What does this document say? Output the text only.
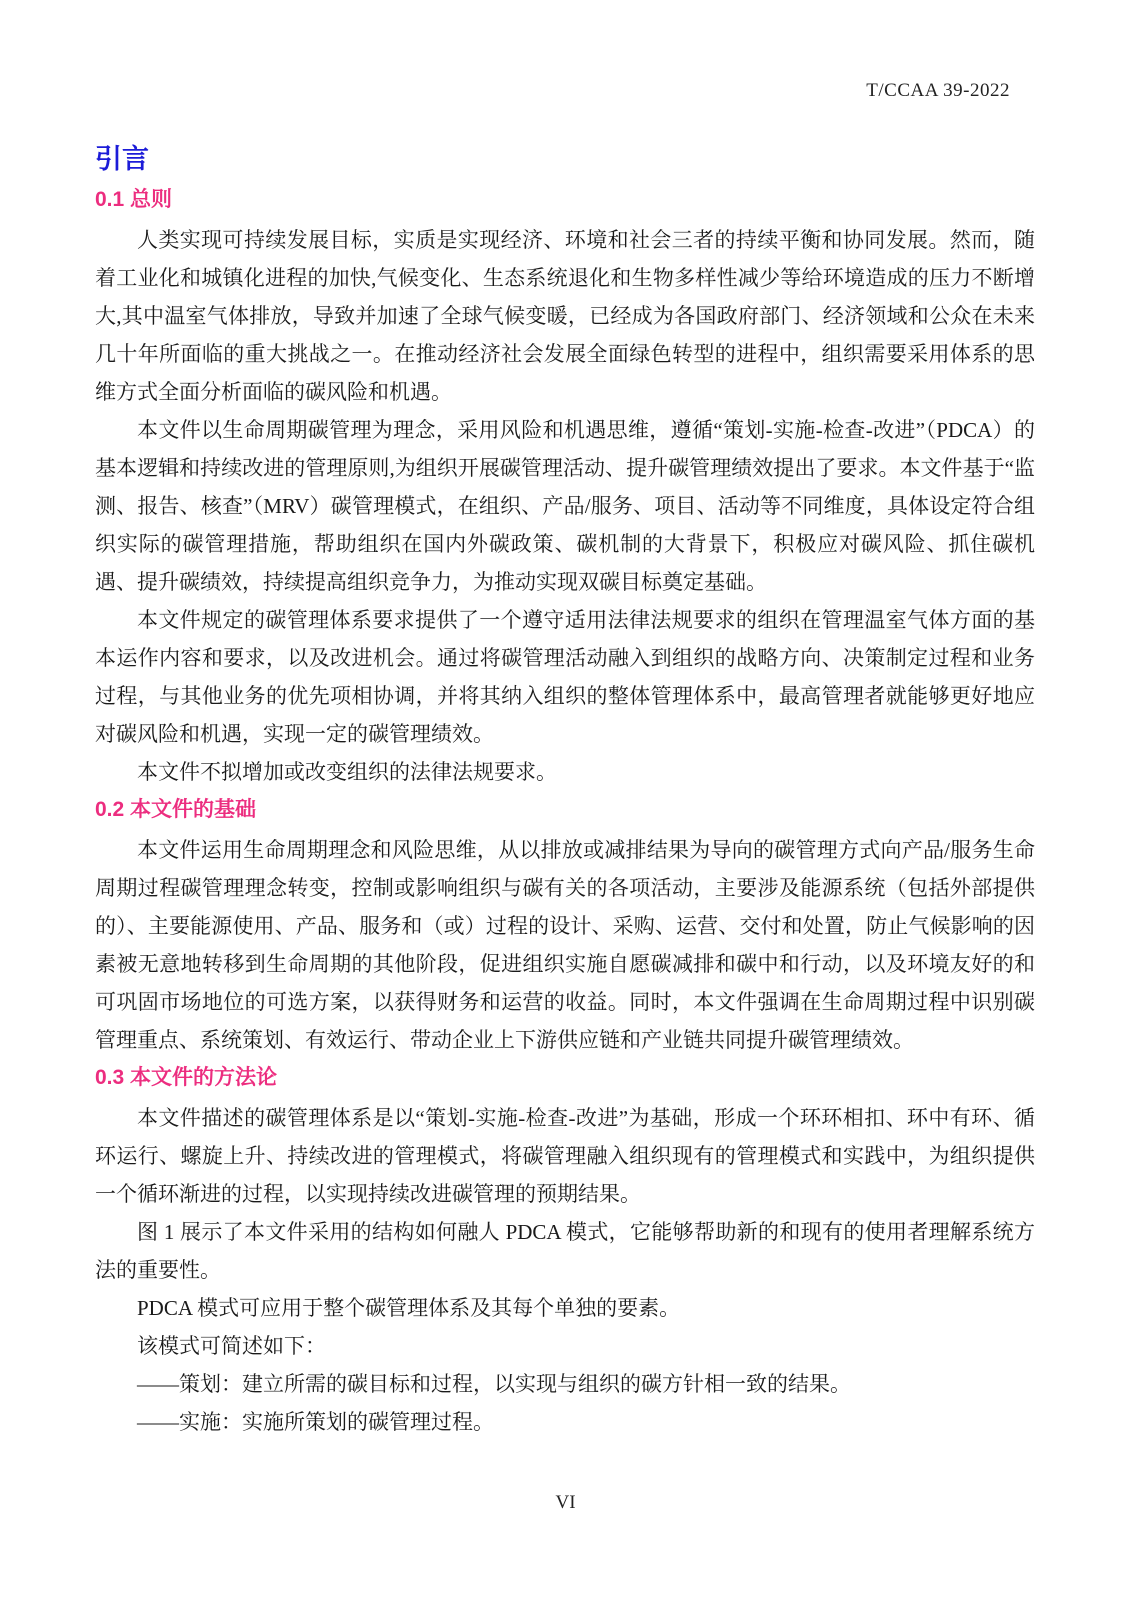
T/CCAA 39-2022
引言
0.1 总则

人类实现可持续发展目标，实质是实现经济、环境和社会三者的持续平衡和协同发展。然而，随着工业化和城镇化进程的加快,气候变化、生态系统退化和生物多样性减少等给环境造成的压力不断增大,其中温室气体排放，导致并加速了全球气候变暖，已经成为各国政府部门、经济领域和公众在未来几十年所面临的重大挑战之一。在推动经济社会发展全面绿色转型的进程中，组织需要采用体系的思维方式全面分析面临的碳风险和机遇。

本文件以生命周期碳管理为理念，采用风险和机遇思维，遵循“策划-实施-检查-改进”（PDCA）的基本逻辑和持续改进的管理原则,为组织开展碳管理活动、提升碳管理绩效提出了要求。本文件基于“监测、报告、核查”（MRV）碳管理模式，在组织、产品/服务、项目、活动等不同维度，具体设定符合组织实际的碳管理措施，帮助组织在国内外碳政策、碳机制的大背景下，积极应对碳风险、抓住碳机遇、提升碳绩效，持续提高组织竞争力，为推动实现双碳目标奠定基础。

本文件规定的碳管理体系要求提供了一个遵守适用法律法规要求的组织在管理温室气体方面的基本运作内容和要求，以及改进机会。通过将碳管理活动融入到组织的战略方向、决策制定过程和业务过程，与其他业务的优先项相协调，并将其纳入组织的整体管理体系中，最高管理者就能够更好地应对碳风险和机遇，实现一定的碳管理绩效。

本文件不拟增加或改变组织的法律法规要求。

0.2 本文件的基础

本文件运用生命周期理念和风险思维，从以排放或减排结果为导向的碳管理方式向产品/服务生命周期过程碳管理理念转变，控制或影响组织与碳有关的各项活动，主要涉及能源系统（包括外部提供的）、主要能源使用、产品、服务和（或）过程的设计、采购、运营、交付和处置，防止气候影响的因素被无意地转移到生命周期的其他阶段，促进组织实施自愿碳减排和碳中和行动，以及环境友好的和可巩固市场地位的可选方案，以获得财务和运营的收益。同时，本文件强调在生命周期过程中识别碳管理重点、系统策划、有效运行、带动企业上下游供应链和产业链共同提升碳管理绩效。

0.3 本文件的方法论

本文件描述的碳管理体系是以“策划-实施-检查-改进”为基础，形成一个环环相扣、环中有环、循环运行、螺旋上升、持续改进的管理模式，将碳管理融入组织现有的管理模式和实践中，为组织提供一个循环渐进的过程，以实现持续改进碳管理的预期结果。

图 1 展示了本文件采用的结构如何融人 PDCA 模式，它能够帮助新的和现有的使用者理解系统方法的重要性。

PDCA 模式可应用于整个碳管理体系及其每个单独的要素。

该模式可简述如下：

——策划：建立所需的碳目标和过程，以实现与组织的碳方针相一致的结果。

——实施：实施所策划的碳管理过程。

VI
